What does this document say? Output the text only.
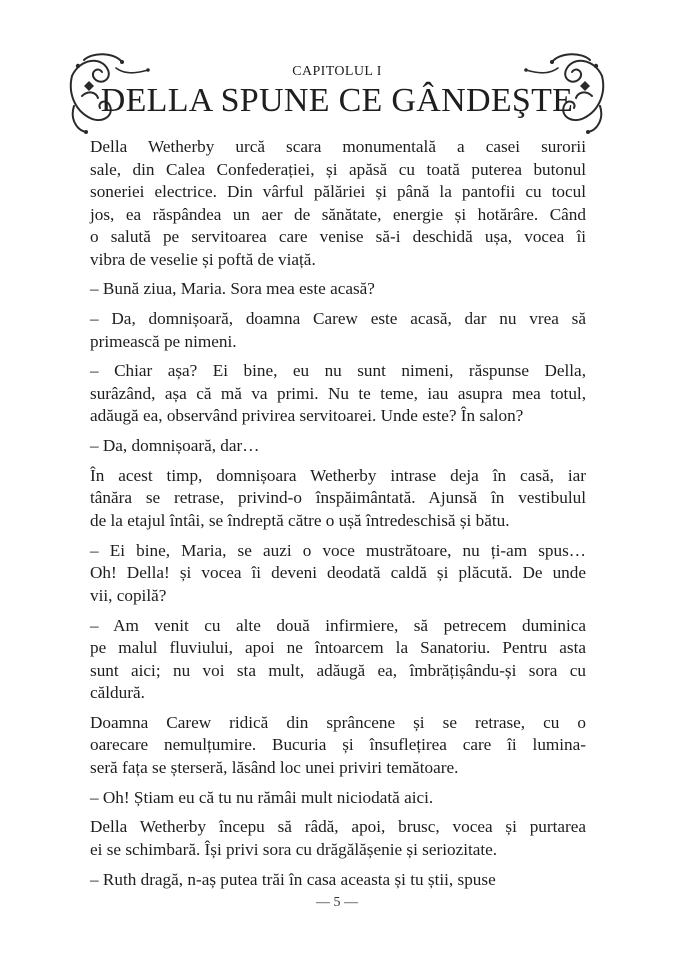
CAPITOLUL I
DELLA SPUNE CE GÂNDEŞTE
Della Wetherby urcă scara monumentală a casei surorii
sale, din Calea Confederației, și apăsă cu toată puterea butonul
soneriei electrice. Din vârful pălăriei și până la pantofii cu tocul
jos, ea răspândea un aer de sănătate, energie și hotărâre. Când
o salută pe servitoarea care venise să-i deschidă ușa, vocea îi
vibra de veselie și poftă de viață.
– Bună ziua, Maria. Sora mea este acasă?
– Da, domnișoară, doamna Carew este acasă, dar nu vrea să
primească pe nimeni.
– Chiar așa? Ei bine, eu nu sunt nimeni, răspunse Della,
surâzând, așa că mă va primi. Nu te teme, iau asupra mea totul,
adăugă ea, observând privirea servitoarei. Unde este? În salon?
– Da, domnișoară, dar…
În acest timp, domnișoara Wetherby intrase deja în casă, iar
tânăra se retrase, privind-o înspăimântată. Ajunsă în vestibulul
de la etajul întâi, se îndreptă către o ușă întredeschisă și bătu.
– Ei bine, Maria, se auzi o voce mustrătoare, nu ți-am spus…
Oh! Della! și vocea îi deveni deodată caldă și plăcută. De unde
vii, copilă?
– Am venit cu alte două infirmiere, să petrecem duminica
pe malul fluviului, apoi ne întoarcem la Sanatoriu. Pentru asta
sunt aici; nu voi sta mult, adăugă ea, îmbrățișându-și sora cu
căldură.
Doamna Carew ridică din sprâncene și se retrase, cu o
oarecare nemulțumire. Bucuria și însuflețirea care îi lumina-
seră fața se șterseră, lăsând loc unei priviri temătoare.
– Oh! Știam eu că tu nu rămâi mult niciodată aici.
Della Wetherby începu să râdă, apoi, brusc, vocea și purtarea
ei se schimbară. Își privi sora cu drăgălășenie și seriozitate.
– Ruth dragă, n-aș putea trăi în casa aceasta și tu știi, spuse
— 5 —
